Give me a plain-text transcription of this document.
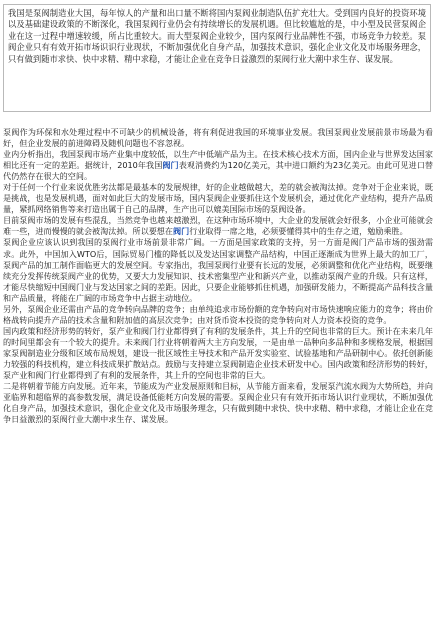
我国是泵阀制造业大国，每年惊人的产量和出口量不断将国内泵阀业制造队伍扩充壮大。受到国内良好的投资环境以及基础建设政策的不断深化，我国泵阀行业仍会有持续增长的发展机遇。但比较尴尬的是，中小型及民营泵阀企业在这一过程中增速较缓，所占比重较大。而大型泵阀企业较少，国内泵阀行业品牌性不强，市场竞争力较差。泵阀企业只有有效开拓市场识识行业现状，不断加强优化自身产品，加强技术意识，强化企业文化及市场服务理念，只有做到随市求快、快中求精、精中求稳，才能让企业在竞争日益激烈的泵阀行业大潮中求生存、谋发展。

泵阀作为环保和水处理过程中不可缺少的机械设备，将有利促进我国的环境事业发展。我国泵阀业发展前景市场最为看好，但企业发展的前进障碍及随机问题也不容忽视。

业内分析指出，我国泵阀市场产业集中度较低，以生产中低端产品为主。在技术核心技术方面，国内企业与世界发达国家相比还有一定的差距。据统计，2010年我国阀门表观消费约为120亿美元，其中进口额约为23亿美元。由此可见进口替代仍然存在很大的空间。

对于任何一个行业来说优胜劣汰都是最基本的发展规律，好的企业越做越大，差的就会被淘汰掉。竞争对于企业来说，既是挑战，也是发展机遇，面对如此巨大的发展市场，国内泵阀企业要抓住这个发展机会，通过优化产业结构，提升产品质量，紧抓网络销售等来打造出属于自己的品牌，生产出可以媲美国际市场的泵阀设备。

目前泵阀市场的发展有些混乱，当然竞争也越来越激烈，在这种市场环境中，大企业的发展就会好很多，小企业可能就会难一些，进而慢慢的就会被淘汰掉。所以要想在阀门行业取得一席之地，必须要懂得其中的生存之道，勉励乘胜。

泵阀企业应该认识到我国的泵阀行业市场前景非常广阔。一方面是国家政策的支持，另一方面是阀门产品市场的强劲需求。此外，中国加入WTO后，国际贸易门槛的降低以及发达国家调整产品结构，中国正逐渐成为世界上最大的加工厂，泵阀产品的加工制作面临更大的发展空间。专家指出，我国泵阀行业要有长远的发展，必须调整和优化产业结构，既要继续充分发挥传统泵阀产业的优势，又要大力发展知识、技术密集型产业和新兴产业，以推动泵阀产业的升级。只有这样，才能尽快缩短中国阀门业与发达国家之间的差距。因此，只要企业能够抓住机遇，加强研发能力，不断提高产品科技含量和产品质量，将能在广阔的市场竞争中占据主动地位。

另外，泵阀企业还需由产品的竞争转向品牌的竞争；由单纯追求市场份额的竞争转向对市场快速响应能力的竞争；将由价格战转向提升产品的技术含量和附加值的高层次竞争；由对货币资本投资的竞争转向对人力资本投资的竞争。

国内政策和经济形势的转好，泵产业和阀门行业都得到了有利的发展条件，其上升的空间也非常的巨大。预计在未来几年的时间里都会有一个较大的提升。未来阀门行业将朝着两大主方向发展，一是由单一品种向多品种和多规格发展，根据国家泵阀制造业分级和区域布局规划，建设一批区域性主导技术和产品开发实验室、试验基地和产品研制中心。依托创新能力较强的科技机构，建立科技成果扩散站点。鼓励与支持建立泵阀制造企业技术研发中心。国内政策和经济形势的转好，泵产业和阀门行业都得到了有利的发展条件，其上升的空间也非常的巨大。

二是将朝着节能方向发展。近年来，节能成为产业发展原则和目标，从节能方面来看，发展泵汽流水阀为大势所趋，并向亚临界和超临界的高参数发展，满足设备低能耗方向发展的需要。泵阀企业只有有效开拓市场认识行业现状，不断加强优化自身产品，加强技术意识，强化企业文化及市场服务理念，只有做到随中求快、快中求精、精中求稳，才能让企业在竞争日益激烈的泵阀行业大潮中求生存、谋发展。
